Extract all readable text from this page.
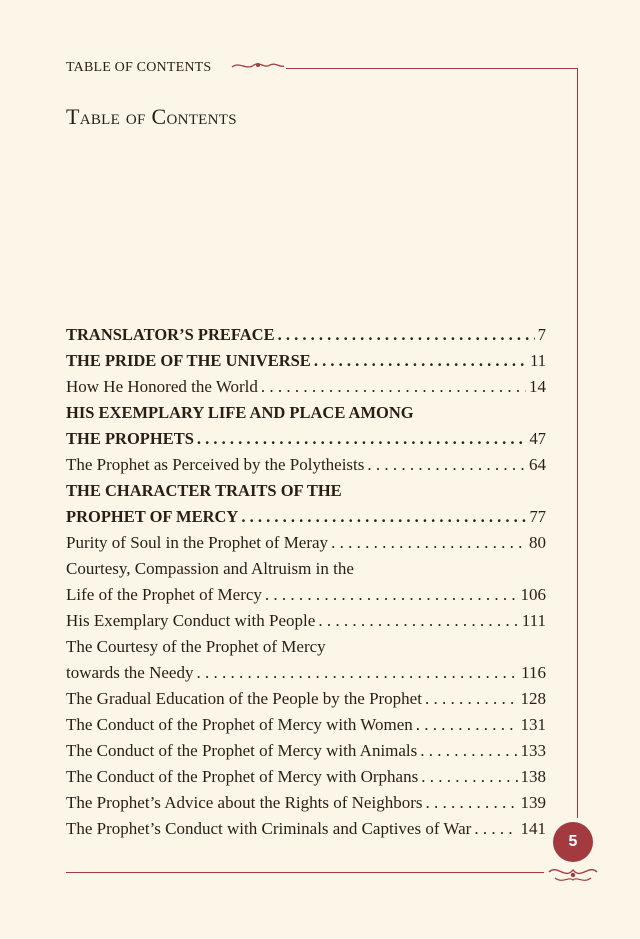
TABLE OF CONTENTS
Table of Contents
TRANSLATOR’S PREFACE . . .	7
THE PRIDE OF THE UNIVERSE . . .	11
How He Honored the World . . .	14
HIS EXEMPLARY LIFE AND PLACE AMONG
THE PROPHETS . . .	47
The Prophet as Perceived by the Polytheists . . .	64
THE CHARACTER TRAITS OF THE
PROPHET OF MERCY . . .	77
Purity of Soul in the Prophet of Meray . . .	80
Courtesy, Compassion and Altruism in the
Life of the Prophet of Mercy . . .	106
His Exemplary Conduct with People . . .	111
The Courtesy of the Prophet of Mercy
towards the Needy . . .	116
The Gradual Education of the People by the Prophet . . .	128
The Conduct of the Prophet of Mercy with Women . . .	131
The Conduct of the Prophet of Mercy with Animals . . .	133
The Conduct of the Prophet of Mercy with Orphans . . .	138
The Prophet’s Advice about the Rights of Neighbors . . .	139
The Prophet’s Conduct with Criminals and Captives of War . . .	141
5
